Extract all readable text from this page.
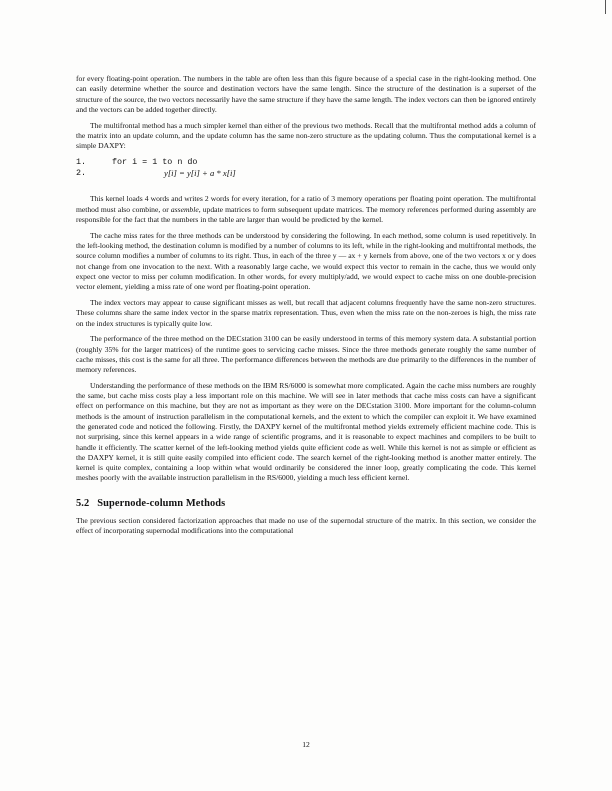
for every floating-point operation. The numbers in the table are often less than this figure because of a special case in the right-looking method. One can easily determine whether the source and destination vectors have the same length. Since the structure of the destination is a superset of the structure of the source, the two vectors necessarily have the same structure if they have the same length. The index vectors can then be ignored entirely and the vectors can be added together directly.

The multifrontal method has a much simpler kernel than either of the previous two methods. Recall that the multifrontal method adds a column of the matrix into an update column, and the update column has the same non-zero structure as the updating column. Thus the computational kernel is a simple DAXPY:

1.	for i = 1 to n do
2.	y[i] = y[i] + a * x[i]

This kernel loads 4 words and writes 2 words for every iteration, for a ratio of 3 memory operations per floating point operation. The multifrontal method must also combine, or assemble, update matrices to form subsequent update matrices. The memory references performed during assembly are responsible for the fact that the numbers in the table are larger than would be predicted by the kernel.

The cache miss rates for the three methods can be understood by considering the following. In each method, some column is used repetitively. In the left-looking method, the destination column is modified by a number of columns to its left, while in the right-looking and multifrontal methods, the source column modifies a number of columns to its right. Thus, in each of the three y — ax + y kernels from above, one of the two vectors x or y does not change from one invocation to the next. With a reasonably large cache, we would expect this vector to remain in the cache, thus we would only expect one vector to miss per column modification. In other words, for every multiply/add, we would expect to cache miss on one double-precision vector element, yielding a miss rate of one word per floating-point operation.

The index vectors may appear to cause significant misses as well, but recall that adjacent columns frequently have the same non-zero structures. These columns share the same index vector in the sparse matrix representation. Thus, even when the miss rate on the non-zeroes is high, the miss rate on the index structures is typically quite low.

The performance of the three method on the DECstation 3100 can be easily understood in terms of this memory system data. A substantial portion (roughly 35% for the larger matrices) of the runtime goes to servicing cache misses. Since the three methods generate roughly the same number of cache misses, this cost is the same for all three. The performance differences between the methods are due primarily to the differences in the number of memory references.

Understanding the performance of these methods on the IBM RS/6000 is somewhat more complicated. Again the cache miss numbers are roughly the same, but cache miss costs play a less important role on this machine. We will see in later methods that cache miss costs can have a significant effect on performance on this machine, but they are not as important as they were on the DECstation 3100. More important for the column-column methods is the amount of instruction parallelism in the computational kernels, and the extent to which the compiler can exploit it. We have examined the generated code and noticed the following. Firstly, the DAXPY kernel of the multifrontal method yields extremely efficient machine code. This is not surprising, since this kernel appears in a wide range of scientific programs, and it is reasonable to expect machines and compilers to be built to handle it efficiently. The scatter kernel of the left-looking method yields quite efficient code as well. While this kernel is not as simple or efficient as the DAXPY kernel, it is still quite easily compiled into efficient code. The search kernel of the right-looking method is another matter entirely. The kernel is quite complex, containing a loop within what would ordinarily be considered the inner loop, greatly complicating the code. This kernel meshes poorly with the available instruction parallelism in the RS/6000, yielding a much less efficient kernel.

5.2 Supernode-column Methods

The previous section considered factorization approaches that made no use of the supernodal structure of the matrix. In this section, we consider the effect of incorporating supernodal modifications into the computational

12
